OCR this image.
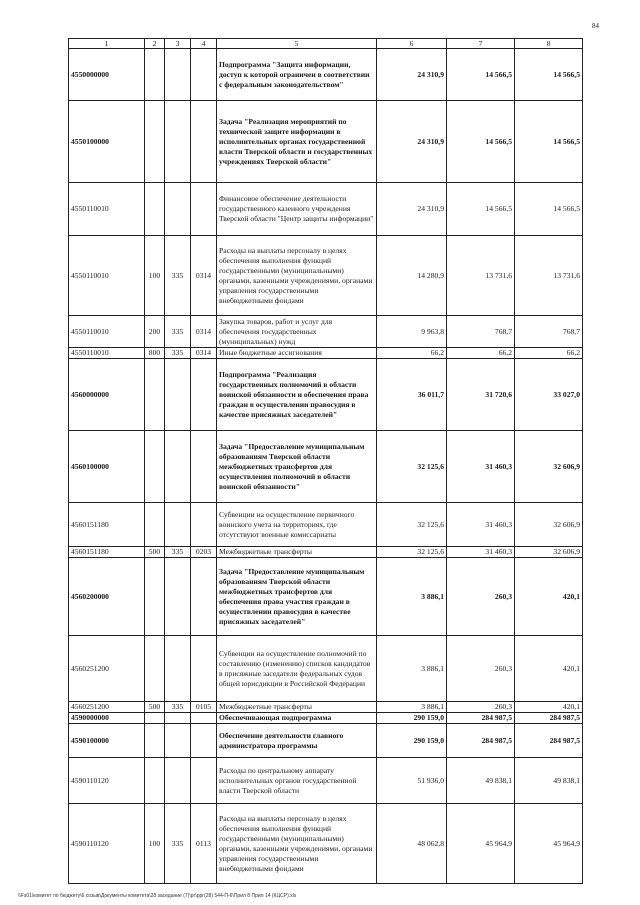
84
1	2	3	4	5	6	7	8
4550000000				Подпрограмма "Защита информации, доступ к которой ограничен в соответствии с федеральным законодательством"	24 310,9	14 566,5	14 566,5
4550100000				Задача "Реализация мероприятий по технической защите информации в исполнительных органах государственной власти Тверской области и государственных учреждениях Тверской области"	24 310,9	14 566,5	14 566,5
4550110010				Финансовое обеспечение деятельности государственного казенного учреждения Тверской области "Центр защиты информации"	24 310,9	14 566,5	14 566,5
4550110010	100	335	0314	Расходы на выплаты персоналу в целях обеспечения выполнения функций государственными (муниципальными) органами, казенными учреждениями, органами управления государственными внебюджетными фондами	14 280,9	13 731,6	13 731,6
4550110010	200	335	0314	Закупка товаров, работ и услуг для обеспечения государственных (муниципальных) нужд	9 963,8	768,7	768,7
4550110010	800	335	0314	Иные бюджетные ассигнования	66,2	66,2	66,2
4560000000				Подпрограмма "Реализация государственных полномочий в области воинской обязанности и обеспечения права граждан в осуществлении правосудия в качестве присяжных заседателей"	36 011,7	31 720,6	33 027,0
4560100000				Задача "Предоставление муниципальным образованиям Тверской области межбюджетных трансфертов для осуществления полномочий в области воинской обязанности"	32 125,6	31 460,3	32 606,9
4560151180				Субвенции на осуществление первичного воинского учета на территориях, где отсутствуют военные комиссариаты	32 125,6	31 460,3	32 606,9
4560151180	500	335	0203	Межбюджетные трансферты	32 125,6	31 460,3	32 606,9
4560200000				Задача "Предоставление муниципальным образованиям Тверской области межбюджетных трансфертов для обеспечения права участия граждан в осуществлении правосудия в качестве присяжных заседателей"	3 886,1	260,3	420,1
4560251200				Субвенции на осуществление полномочий по составлению (изменению) списков кандидатов в присяжные заседатели федеральных судов общей юрисдикции в Российской Федерации	3 886,1	260,3	420,1
4560251200	500	335	0105	Межбюджетные трансферты	3 886,1	260,3	420,1
4590000000				Обеспечивающая подпрограмма	290 159,0	284 987,5	284 987,5
4590100000				Обеспечение деятельности главного администратора программы	290 159,0	284 987,5	284 987,5
4590110120				Расходы по центральному аппарату исполнительных органов государственной власти Тверской области	51 936,0	49 838,1	49 838,1
4590110120	100	335	0113	Расходы на выплаты персоналу в целях обеспечения выполнения функций государственными (муниципальными) органами, казенными учреждениями, органами управления государственными внебюджетными фондами	48 062,8	45 964,9	45 964,9
\\Fs01\комитет по бюджету\6 созыв\Документы комитета\28 заседание (7)\рг\ррг(28) 544-П-6\Прил 8 Прил 14 (КЦСР).xls
